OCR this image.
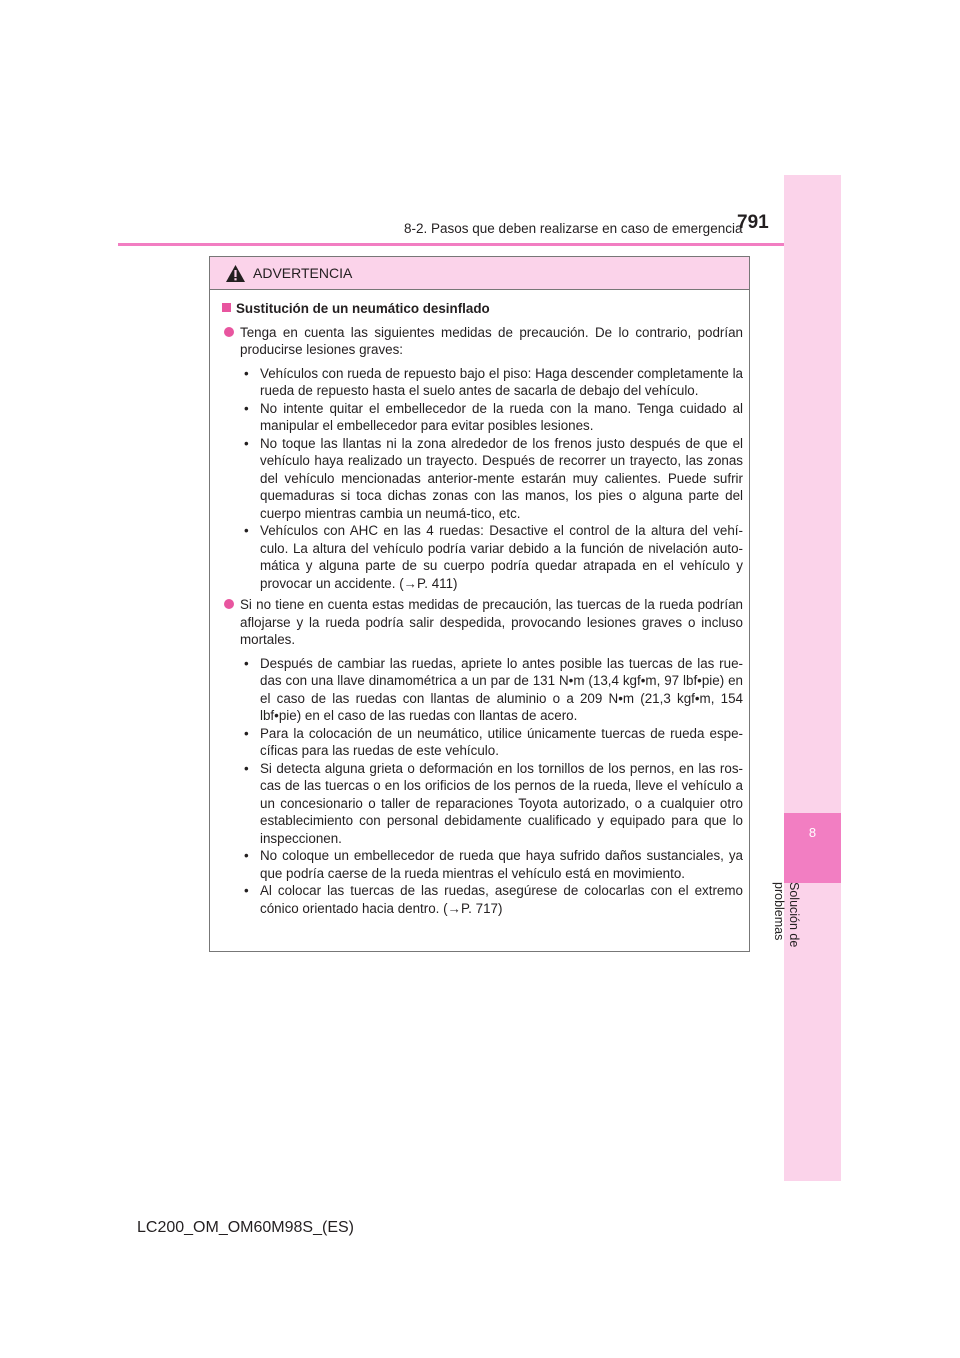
791
8-2. Pasos que deben realizarse en caso de emergencia
8
Solución de problemas
ADVERTENCIA
Sustitución de un neumático desinflado
Tenga en cuenta las siguientes medidas de precaución. De lo contrario, podrían producirse lesiones graves:
• Vehículos con rueda de repuesto bajo el piso: Haga descender completamente la rueda de repuesto hasta el suelo antes de sacarla de debajo del vehículo.
• No intente quitar el embellecedor de la rueda con la mano. Tenga cuidado al manipular el embellecedor para evitar posibles lesiones.
• No toque las llantas ni la zona alrededor de los frenos justo después de que el vehículo haya realizado un trayecto. Después de recorrer un trayecto, las zonas del vehículo mencionadas anterior-mente estarán muy calientes. Puede sufrir quemaduras si toca dichas zonas con las manos, los pies o alguna parte del cuerpo mientras cambia un neumá-tico, etc.
• Vehículos con AHC en las 4 ruedas: Desactive el control de la altura del vehí-culo. La altura del vehículo podría variar debido a la función de nivelación auto-mática y alguna parte de su cuerpo podría quedar atrapada en el vehículo y provocar un accidente. (→P. 411)
Si no tiene en cuenta estas medidas de precaución, las tuercas de la rueda podrían aflojarse y la rueda podría salir despedida, provocando lesiones graves o incluso mortales.
• Después de cambiar las ruedas, apriete lo antes posible las tuercas de las rue-das con una llave dinamométrica a un par de 131 N•m (13,4 kgf•m, 97 lbf•pie) en el caso de las ruedas con llantas de aluminio o a 209 N•m (21,3 kgf•m, 154 lbf•pie) en el caso de las ruedas con llantas de acero.
• Para la colocación de un neumático, utilice únicamente tuercas de rueda espe-cíficas para las ruedas de este vehículo.
• Si detecta alguna grieta o deformación en los tornillos de los pernos, en las ros-cas de las tuercas o en los orificios de los pernos de la rueda, lleve el vehículo a un concesionario o taller de reparaciones Toyota autorizado, o a cualquier otro establecimiento con personal debidamente cualificado y equipado para que lo inspeccionen.
• No coloque un embellecedor de rueda que haya sufrido daños sustanciales, ya que podría caerse de la rueda mientras el vehículo está en movimiento.
• Al colocar las tuercas de las ruedas, asegúrese de colocarlas con el extremo cónico orientado hacia dentro. (→P. 717)
LC200_OM_OM60M98S_(ES)
